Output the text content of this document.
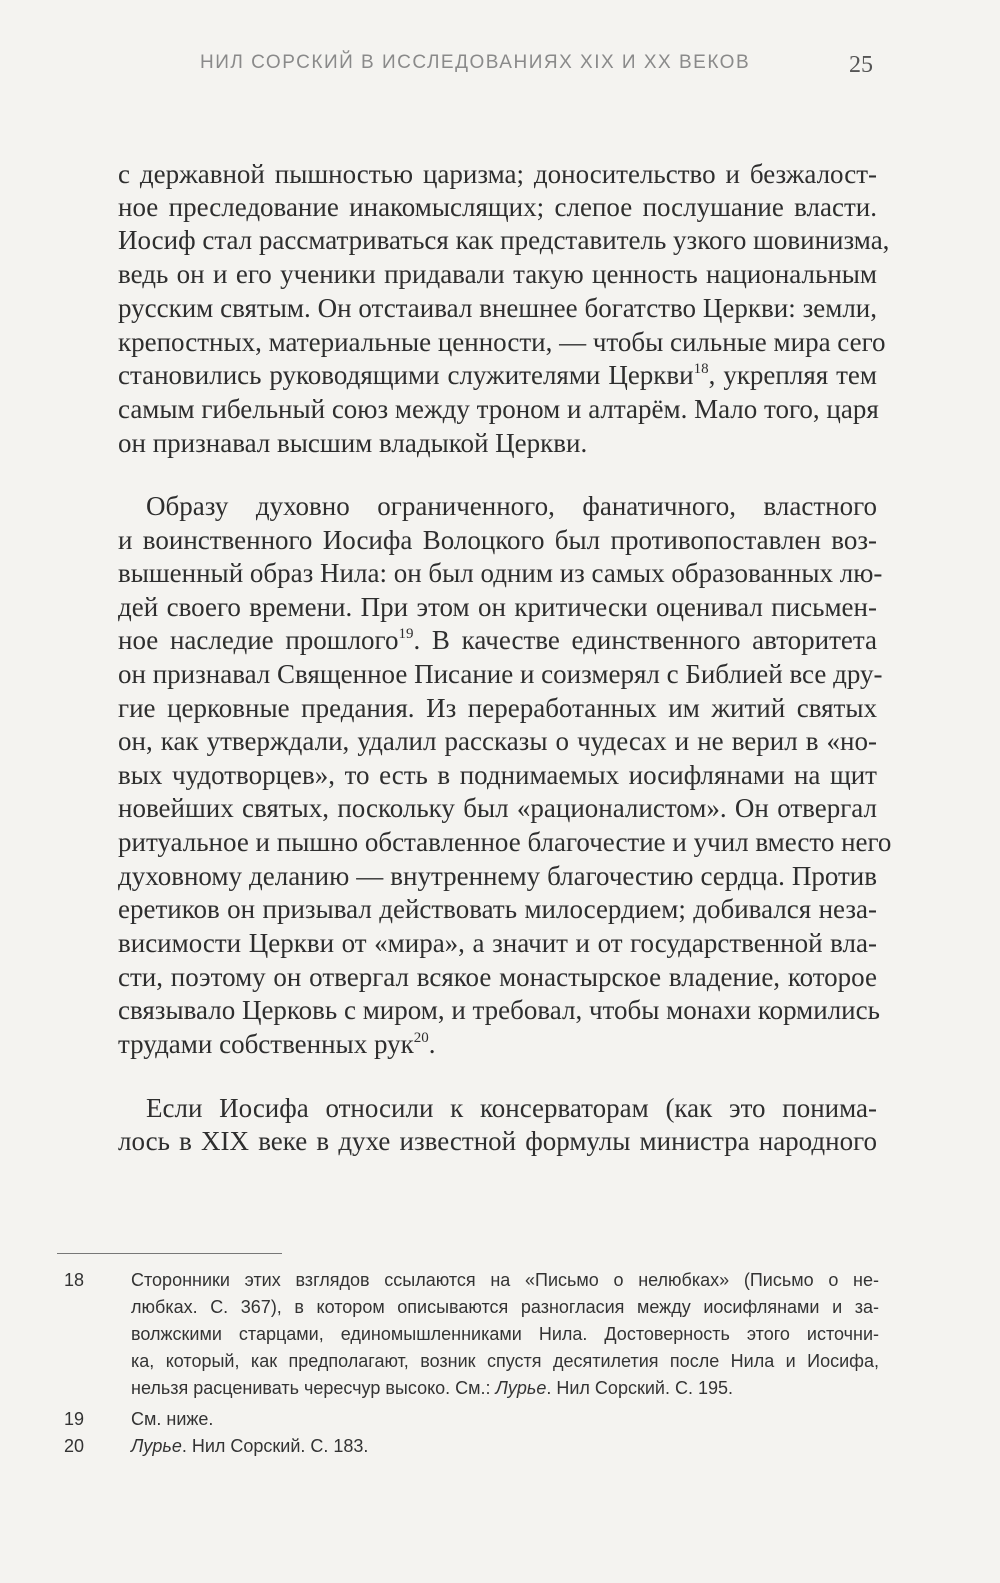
НИЛ СОРСКИЙ В ИССЛЕДОВАНИЯХ XIX И XX ВЕКОВ	25
с державной пышностью царизма; доносительство и безжалост-
ное преследование инакомыслящих; слепое послушание власти.
Иосиф стал рассматриваться как представитель узкого шовинизма,
ведь он и его ученики придавали такую ценность национальным
русским святым. Он отстаивал внешнее богатство Церкви: земли,
крепостных, материальные ценности, — чтобы сильные мира сего
становились руководящими служителями Церкви$^{18}$, укрепляя тем
самым гибельный союз между троном и алтарём. Мало того, царя
он признавал высшим владыкой Церкви.
Образу духовно ограниченного, фанатичного, властного
и воинственного Иосифа Волоцкого был противопоставлен воз-
вышенный образ Нила: он был одним из самых образованных лю-
дей своего времени. При этом он критически оценивал письмен-
ное наследие прошлого$^{19}$. В качестве единственного авторитета
он признавал Священное Писание и соизмерял с Библией все дру-
гие церковные предания. Из переработанных им житий святых
он, как утверждали, удалил рассказы о чудесах и не верил в «но-
вых чудотворцев», то есть в поднимаемых иосифлянами на щит
новейших святых, поскольку был «рационалистом». Он отвергал
ритуальное и пышно обставленное благочестие и учил вместо него
духовному деланию — внутреннему благочестию сердца. Против
еретиков он призывал действовать милосердием; добивался неза-
висимости Церкви от «мира», а значит и от государственной вла-
сти, поэтому он отвергал всякое монастырское владение, которое
связывало Церковь с миром, и требовал, чтобы монахи кормились
трудами собственных рук$^{20}$.
Если Иосифа относили к консерваторам (как это понима-
лось в XIX веке в духе известной формулы министра народного
18	Сторонники этих взглядов ссылаются на «Письмо о нелюбках» (Письмо о не-
любках. С. 367), в котором описываются разногласия между иосифлянами и за-
волжскими старцами, единомышленниками Нила. Достоверность этого источни-
ка, который, как предполагают, возник спустя десятилетия после Нила и Иосифа,
нельзя расценивать чересчур высоко. См.: Лурье. Нил Сорский. С. 195.
19	См. ниже.
20	Лурье. Нил Сорский. С. 183.
